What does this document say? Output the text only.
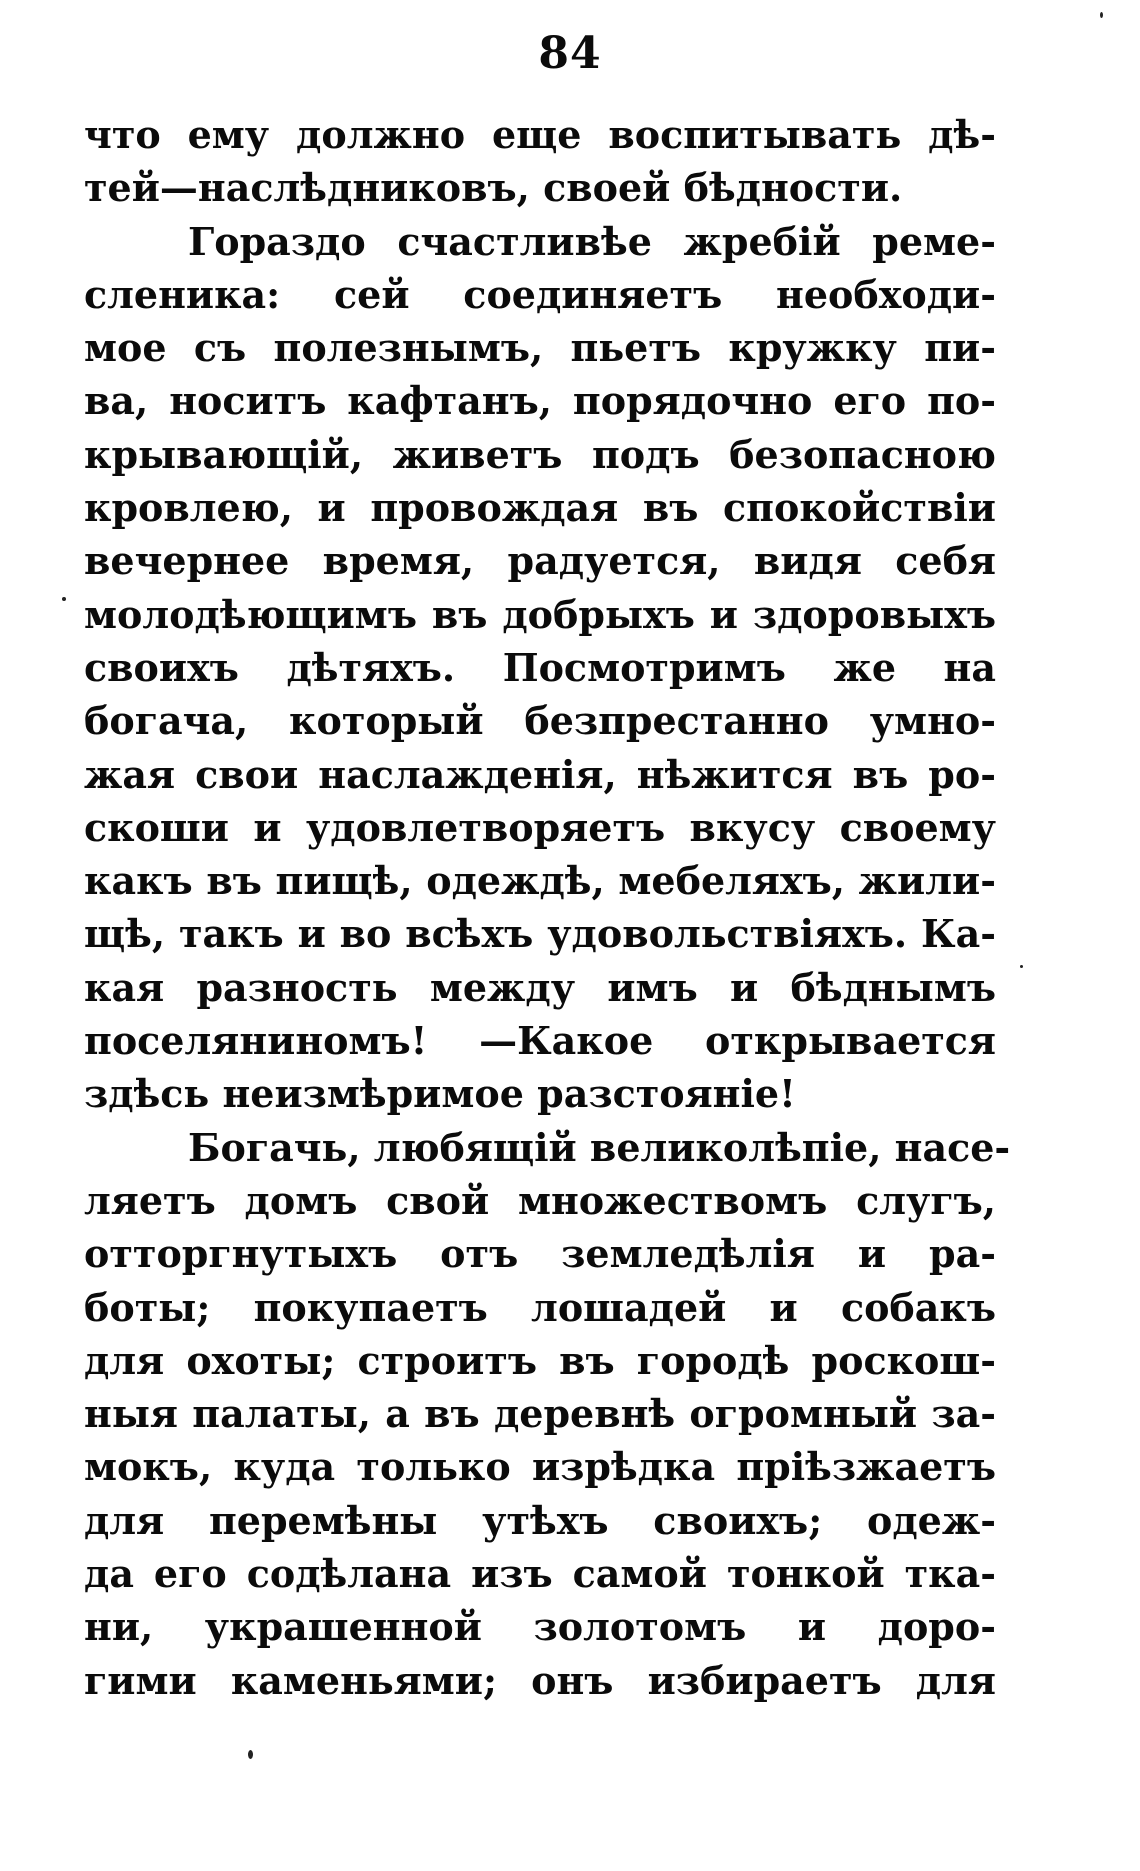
84
что ему должно еще воспитывать дѣ-
тей—наслѣдниковъ, своей бѣдности.
Гораздо счастливѣе жребій реме-
сленика: сей соединяетъ необходи-
мое съ полезнымъ, пьетъ кружку пи-
ва, носитъ кафтанъ, порядочно его по-
крывающій, живетъ подъ безопасною
кровлею, и провождая въ спокойствіи
вечернее время, радуется, видя себя
молодѣющимъ въ добрыхъ и здоровыхъ
своихъ дѣтяхъ. Посмотримъ же на
богача, который безпрестанно умно-
жая свои наслажденія, нѣжится въ ро-
скоши и удовлетворяетъ вкусу своему
какъ въ пищѣ, одеждѣ, мебеляхъ, жили-
щѣ, такъ и во всѣхъ удовольствіяхъ. Ка-
кая разность между имъ и бѣднымъ
поселяниномъ! —Какое открывается
здѣсь неизмѣримое разстояніе!
Богачь, любящій великолѣпіе, насе-
ляетъ домъ свой множествомъ слугъ,
отторгнутыхъ отъ земледѣлія и ра-
боты; покупаетъ лошадей и собакъ
для охоты; строитъ въ городѣ роскош-
ныя палаты, а въ деревнѣ огромный за-
мокъ, куда только изрѣдка пріѣзжаетъ
для перемѣны утѣхъ своихъ; одеж-
да его содѣлана изъ самой тонкой тка-
ни, украшенной золотомъ и доро-
гими каменьями; онъ избираетъ для
